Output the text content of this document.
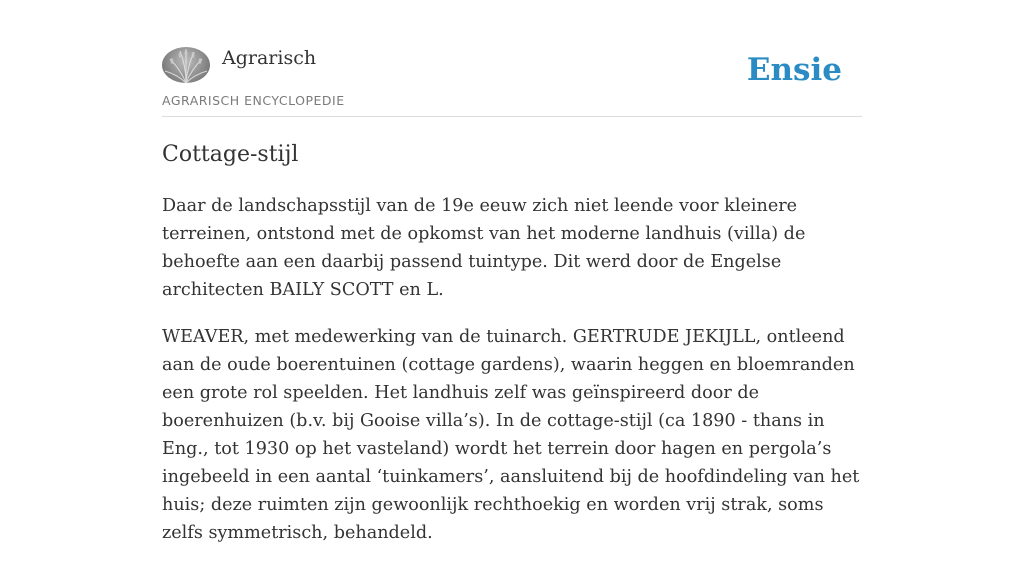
Agrarisch
AGRARISCH ENCYCLOPEDIE
Ensie
Cottage-stijl

Daar de landschapsstijl van de 19e eeuw zich niet leende voor kleinere terreinen, ontstond met de opkomst van het moderne landhuis (villa) de behoefte aan een daarbij passend tuintype. Dit werd door de Engelse architecten BAILY SCOTT en L.

WEAVER, met medewerking van de tuinarch. GERTRUDE JEKIJLL, ontleend aan de oude boerentuinen (cottage gardens), waarin heggen en bloemranden een grote rol speelden. Het landhuis zelf was geïnspireerd door de boerenhuizen (b.v. bij Gooise villa’s). In de cottage-stijl (ca 1890 - thans in Eng., tot 1930 op het vasteland) wordt het terrein door hagen en pergola’s ingebeeld in een aantal ‘tuinkamers’, aansluitend bij de hoofdindeling van het huis; deze ruimten zijn gewoonlijk rechthoekig en worden vrij strak, soms zelfs symmetrisch, behandeld.
